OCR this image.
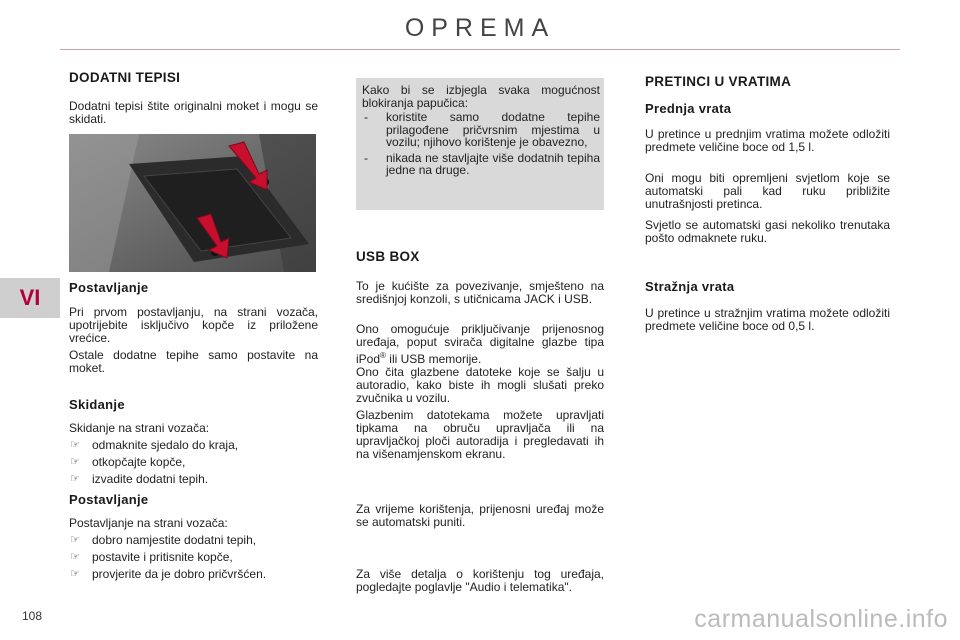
OPREMA
VI
108
DODATNI TEPISI

Dodatni tepisi štite originalni moket i mogu se skidati.

Postavljanje

Pri prvom postavljanju, na strani vozača, upotrijebite isključivo kopče iz priložene vrećice.

Ostale dodatne tepihe samo postavite na moket.

Skidanje

Skidanje na strani vozača:

☞ odmaknite sjedalo do kraja,
☞ otkopčajte kopče,
☞ izvadite dodatni tepih.
Postavljanje

Postavljanje na strani vozača:

☞ dobro namjestite dodatni tepih,
☞ postavite i pritisnite kopče,
☞ provjerite da je dobro pričvršćen.

Kako bi se izbjegla svaka mogućnost blokiranja papučica:

- koristite samo dodatne tepihe prilagođene pričvrsnim mjestima u vozilu; njihovo korištenje je obavezno,
- nikada ne stavljajte više dodatnih tepiha jedne na druge.
USB BOX

To je kućište za povezivanje, smješteno na središnjoj konzoli, s utičnicama JACK i USB.

Ono omogućuje priključivanje prijenosnog uređaja, poput svirača digitalne glazbe tipa iPod® ili USB memorije.

Ono čita glazbene datoteke koje se šalju u autoradio, kako biste ih mogli slušati preko zvučnika u vozilu.

Glazbenim datotekama možete upravljati tipkama na obruču upravljača ili na upravljačkoj ploči autoradija i pregledavati ih na višenamjenskom ekranu.

Za vrijeme korištenja, prijenosni uređaj može se automatski puniti.

Za više detalja o korištenju tog uređaja, pogledajte poglavlje "Audio i telematika".

PRETINCI U VRATIMA
Prednja vrata

U pretince u prednjim vratima možete odložiti predmete veličine boce od 1,5 l.

Oni mogu biti opremljeni svjetlom koje se automatski pali kad ruku približite unutrašnjosti pretinca.

Svjetlo se automatski gasi nekoliko trenutaka pošto odmaknete ruku.

Stražnja vrata

U pretince u stražnjim vratima možete odložiti predmete veličine boce od 0,5 l.

carmanualsonline.info
